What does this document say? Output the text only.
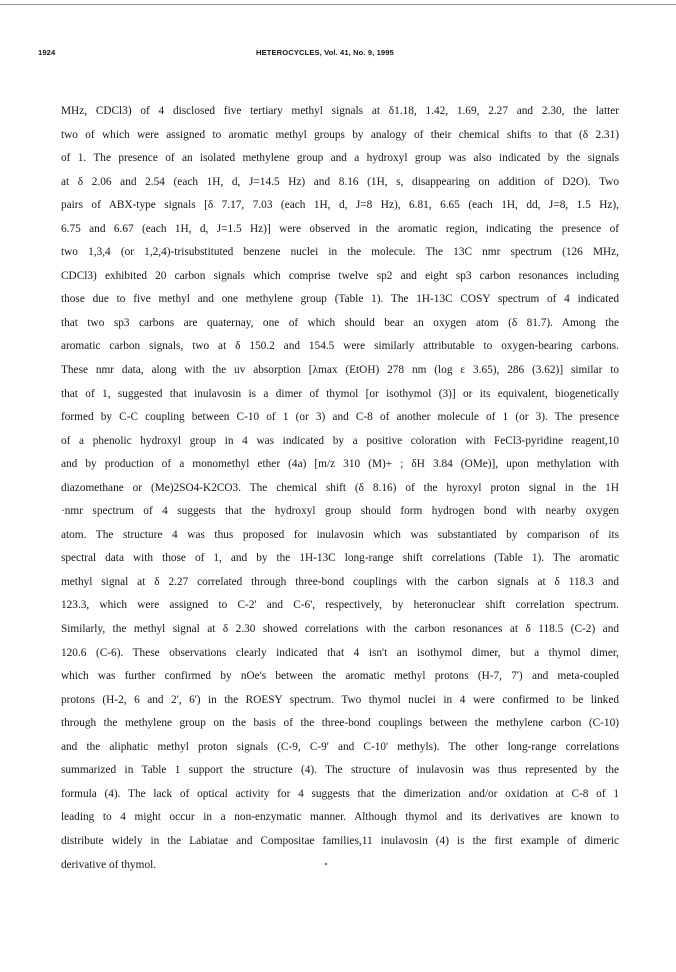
1924	HETEROCYCLES, Vol. 41, No. 9, 1995
MHz, CDCl3) of 4 disclosed five tertiary methyl signals at δ1.18, 1.42, 1.69, 2.27 and 2.30, the latter
two of which were assigned to aromatic methyl groups by analogy of their chemical shifts to that (δ 2.31)
of 1. The presence of an isolated methylene group and a hydroxyl group was also indicated by the signals
at δ 2.06 and 2.54 (each 1H, d, J=14.5 Hz) and 8.16 (1H, s, disappearing on addition of D2O). Two
pairs of ABX-type signals [δ 7.17, 7.03 (each 1H, d, J=8 Hz), 6.81, 6.65 (each 1H, dd, J=8, 1.5 Hz),
6.75 and 6.67 (each 1H, d, J=1.5 Hz)] were observed in the aromatic region, indicating the presence of
two 1,3,4 (or 1,2,4)-trisubstituted benzene nuclei in the molecule. The 13C nmr spectrum (126 MHz,
CDCl3) exhibited 20 carbon signals which comprise twelve sp2 and eight sp3 carbon resonances including
those due to five methyl and one methylene group (Table 1). The 1H-13C COSY spectrum of 4 indicated
that two sp3 carbons are quaternay, one of which should bear an oxygen atom (δ 81.7). Among the
aromatic carbon signals, two at δ 150.2 and 154.5 were similarly attributable to oxygen-bearing carbons.
These nmr data, along with the uv absorption [λmax (EtOH) 278 nm (log ε 3.65), 286 (3.62)] similar to
that of 1, suggested that inulavosin is a dimer of thymol [or isothymol (3)] or its equivalent, biogenetically
formed by C-C coupling between C-10 of 1 (or 3) and C-8 of another molecule of 1 (or 3). The presence
of a phenolic hydroxyl group in 4 was indicated by a positive coloration with FeCl3-pyridine reagent,10
and by production of a monomethyl ether (4a) [m/z 310 (M)+ ; δH 3.84 (OMe)], upon methylation with
diazomethane or (Me)2SO4-K2CO3. The chemical shift (δ 8.16) of the hyroxyl proton signal in the 1H
·nmr spectrum of 4 suggests that the hydroxyl group should form hydrogen bond with nearby oxygen
atom. The structure 4 was thus proposed for inulavosin which was substantiated by comparison of its
spectral data with those of 1, and by the 1H-13C long-range shift correlations (Table 1). The aromatic
methyl signal at δ 2.27 correlated through three-bond couplings with the carbon signals at δ 118.3 and
123.3, which were assigned to C-2' and C-6', respectively, by heteronuclear shift correlation spectrum.
Similarly, the methyl signal at δ 2.30 showed correlations with the carbon resonances at δ 118.5 (C-2) and
120.6 (C-6). These observations clearly indicated that 4 isn't an isothymol dimer, but a thymol dimer,
which was further confirmed by nOe's between the aromatic methyl protons (H-7, 7') and meta-coupled
protons (H-2, 6 and 2', 6') in the ROESY spectrum. Two thymol nuclei in 4 were confirmed to be linked
through the methylene group on the basis of the three-bond couplings between the methylene carbon (C-10)
and the aliphatic methyl proton signals (C-9, C-9' and C-10' methyls). The other long-range correlations
summarized in Table 1 support the structure (4). The structure of inulavosin was thus represented by the
formula (4). The lack of optical activity for 4 suggests that the dimerization and/or oxidation at C-8 of 1
leading to 4 might occur in a non-enzymatic manner. Although thymol and its derivatives are known to
distribute widely in the Labiatae and Compositae families,11 inulavosin (4) is the first example of dimeric
derivative of thymol.
